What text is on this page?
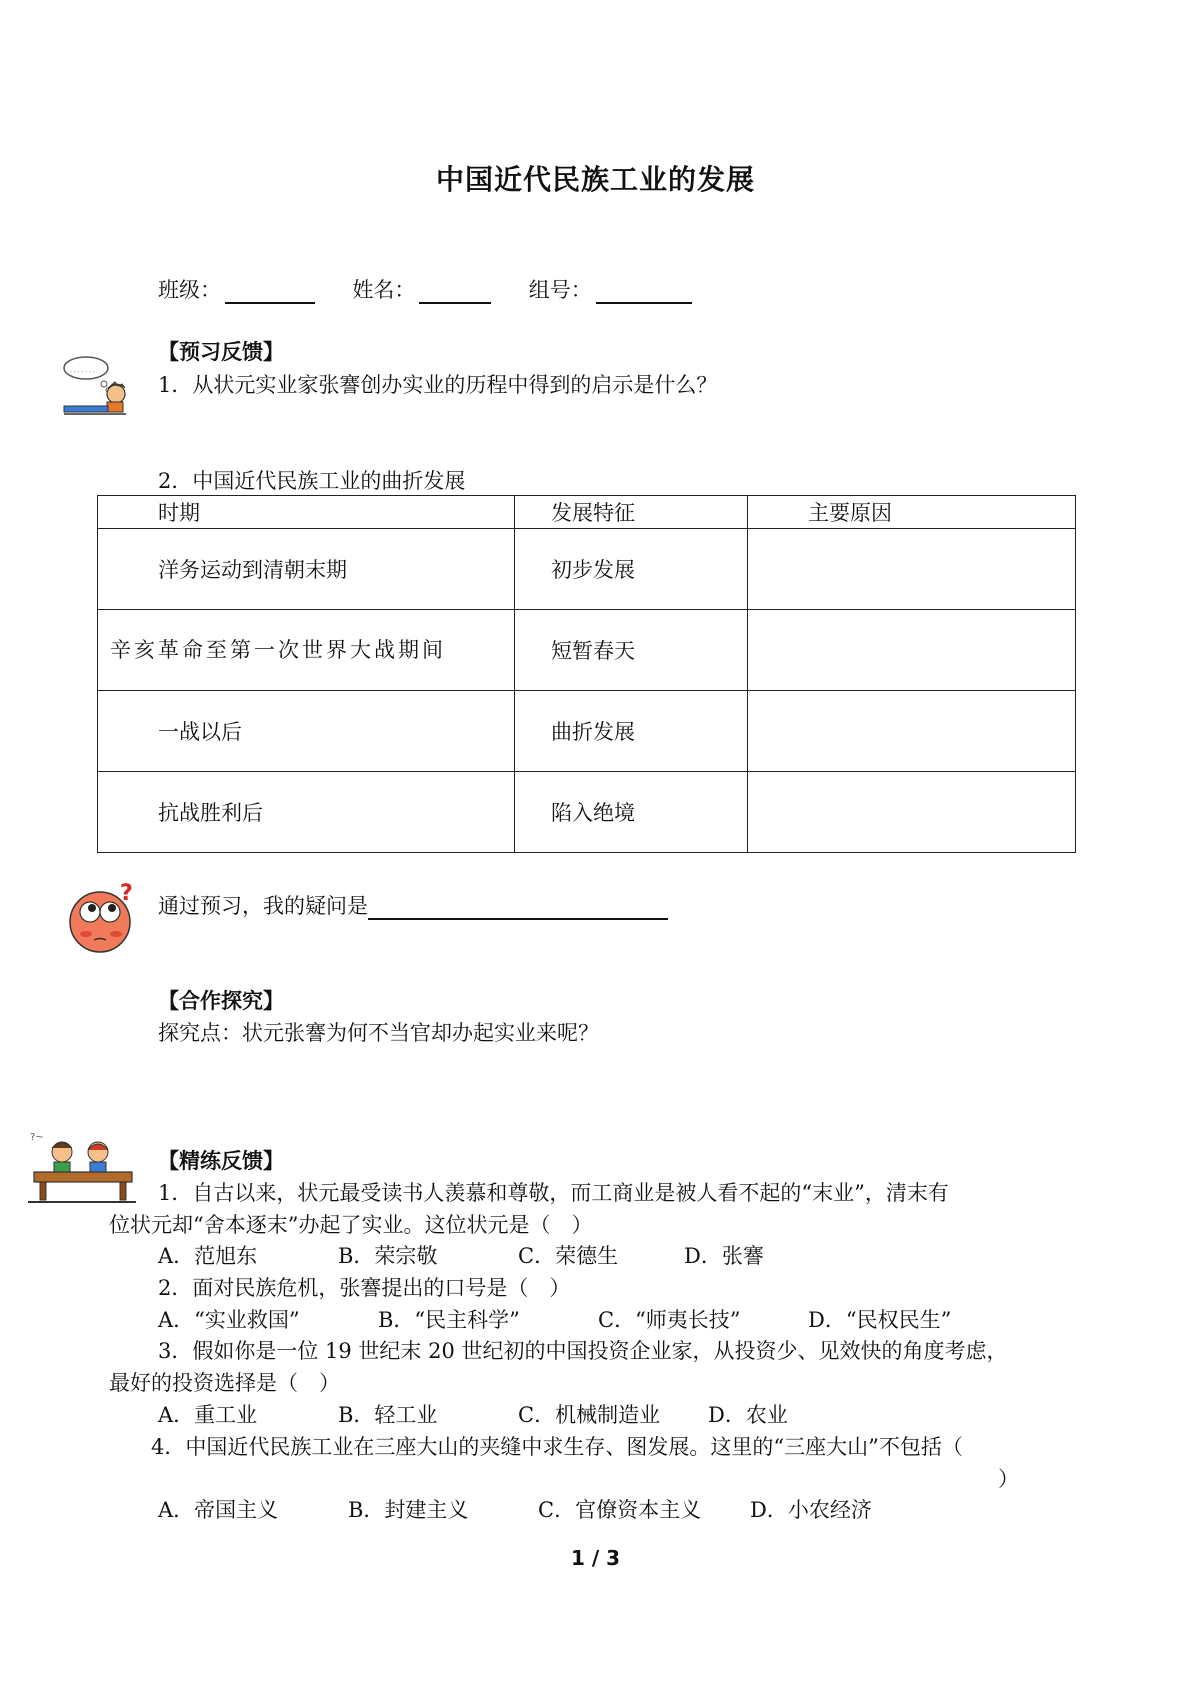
中国近代民族工业的发展
班级：	姓名：	组号：
. . . . . . .
【预习反馈】
1．从状元实业家张謇创办实业的历程中得到的启示是什么？
2．中国近代民族工业的曲折发展
时期	发展特征	主要原因
洋务运动到清朝末期	初步发展	
辛亥革命至第一次世界大战期间	短暂春天	
一战以后	曲折发展	
抗战胜利后	陷入绝境	
? 通过预习，我的疑问是
【合作探究】
探究点：状元张謇为何不当官却办起实业来呢？
?~
【精练反馈】
1．自古以来，状元最受读书人羡慕和尊敬，而工商业是被人看不起的“末业”，清末有
位状元却“舍本逐末”办起了实业。这位状元是（　）
A．范旭东	B．荣宗敬	C．荣德生	D．张謇
2．面对民族危机，张謇提出的口号是（　）
A．“实业救国”	B．“民主科学”	C．“师夷长技”	D．“民权民生”
3．假如你是一位 19 世纪末 20 世纪初的中国投资企业家，从投资少、见效快的角度考虑，
最好的投资选择是（　）
A．重工业	B．轻工业	C．机械制造业 D．农业
4．中国近代民族工业在三座大山的夹缝中求生存、图发展。这里的“三座大山”不包括（
）
A．帝国主义	B．封建主义	C．官僚资本主义 D．小农经济
1 / 3
